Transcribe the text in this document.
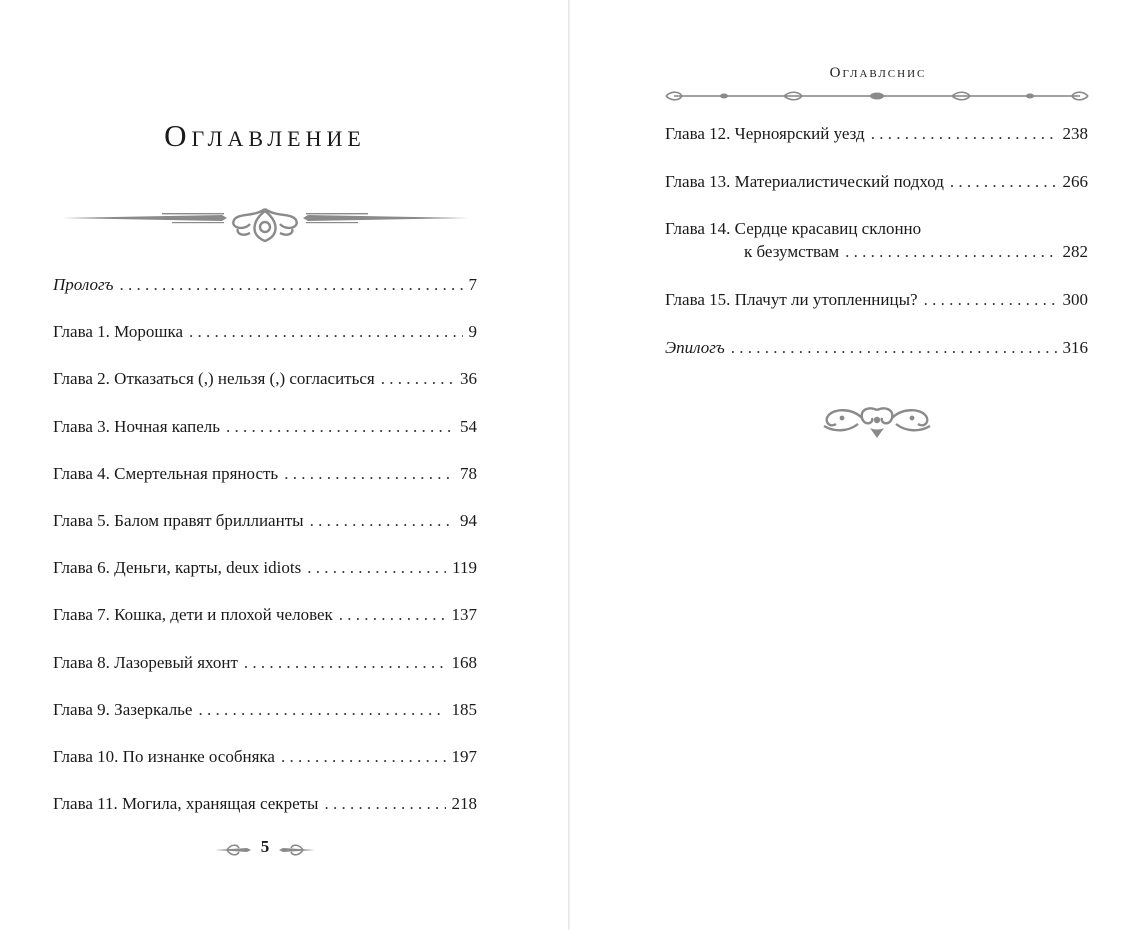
Оглавление
Прологъ . . .	7
Глава 1. Морошка . . .	9
Глава 2. Отказаться (,) нельзя (,) согласиться . . .	36
Глава 3. Ночная капель . . .	54
Глава 4. Смертельная пряность . . .	78
Глава 5. Балом правят бриллианты . . .	94
Глава 6. Деньги, карты, deux idiots . . .	119
Глава 7. Кошка, дети и плохой человек . . .	137
Глава 8. Лазоревый яхонт . . .	168
Глава 9. Зазеркалье . . .	185
Глава 10. По изнанке особняка . . .	197
Глава 11. Могила, хранящая секреты . . .	218
5
Оглавлснис
Глава 12. Черноярский уезд . . .	238
Глава 13. Материалистический подход . . .	266
Глава 14. Сердце красавиц склонно
к безумствам . . .	282
Глава 15. Плачут ли утопленницы? . . .	300
Эпилогъ . . .	316
